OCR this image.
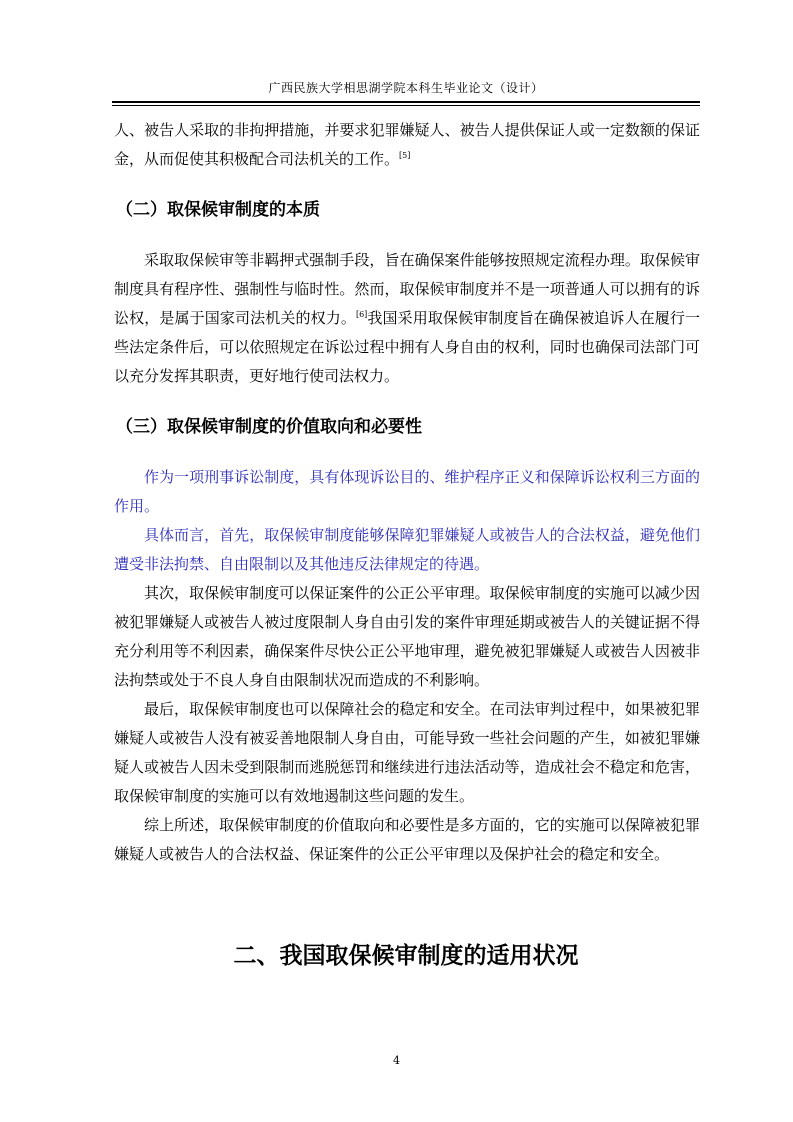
广西民族大学相思湖学院本科生毕业论文（设计）

人、被告人采取的非拘押措施，并要求犯罪嫌疑人、被告人提供保证人或一定数额的保证金，从而促使其积极配合司法机关的工作。[5]

（二）取保候审制度的本质

采取取保候审等非羁押式强制手段，旨在确保案件能够按照规定流程办理。取保候审制度具有程序性、强制性与临时性。然而，取保候审制度并不是一项普通人可以拥有的诉讼权，是属于国家司法机关的权力。[6]我国采用取保候审制度旨在确保被追诉人在履行一些法定条件后，可以依照规定在诉讼过程中拥有人身自由的权利，同时也确保司法部门可以充分发挥其职责，更好地行使司法权力。

（三）取保候审制度的价值取向和必要性

作为一项刑事诉讼制度，具有体现诉讼目的、维护程序正义和保障诉讼权利三方面的作用。

具体而言，首先，取保候审制度能够保障犯罪嫌疑人或被告人的合法权益，避免他们遭受非法拘禁、自由限制以及其他违反法律规定的待遇。

其次，取保候审制度可以保证案件的公正公平审理。取保候审制度的实施可以减少因被犯罪嫌疑人或被告人被过度限制人身自由引发的案件审理延期或被告人的关键证据不得充分利用等不利因素，确保案件尽快公正公平地审理，避免被犯罪嫌疑人或被告人因被非法拘禁或处于不良人身自由限制状况而造成的不利影响。

最后，取保候审制度也可以保障社会的稳定和安全。在司法审判过程中，如果被犯罪嫌疑人或被告人没有被妥善地限制人身自由，可能导致一些社会问题的产生，如被犯罪嫌疑人或被告人因未受到限制而逃脱惩罚和继续进行违法活动等，造成社会不稳定和危害，取保候审制度的实施可以有效地遏制这些问题的发生。

综上所述，取保候审制度的价值取向和必要性是多方面的，它的实施可以保障被犯罪嫌疑人或被告人的合法权益、保证案件的公正公平审理以及保护社会的稳定和安全。

二、我国取保候审制度的适用状况
4
